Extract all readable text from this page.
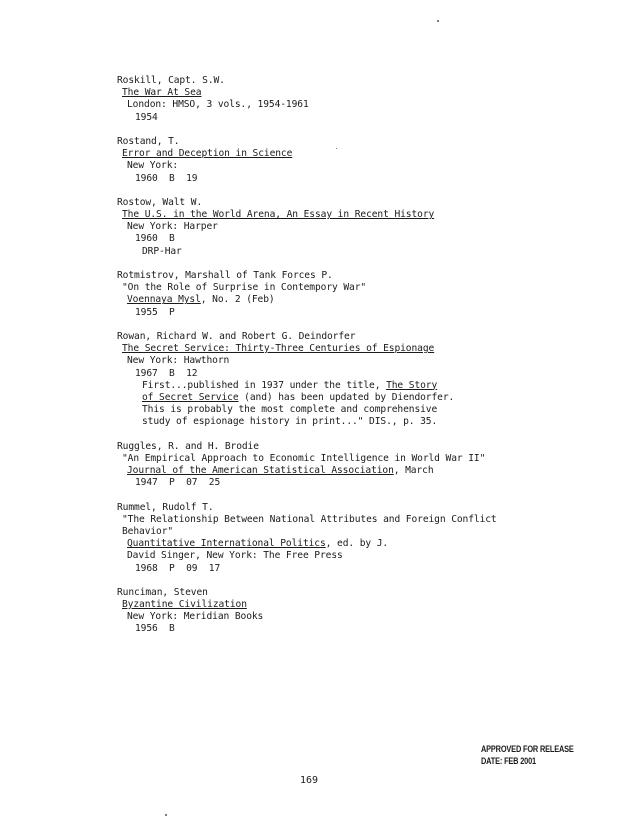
Roskill, Capt. S.W.
The War At Sea
London: HMSO, 3 vols., 1954-1961
1954
Rostand, T.
Error and Deception in Science
New York:
1960  B  19
Rostow, Walt W.
The U.S. in the World Arena, An Essay in Recent History
New York: Harper
1960  B
DRP-Har
Rotmistrov, Marshall of Tank Forces P.
"On the Role of Surprise in Contempory War"
Voennaya Mysl, No. 2 (Feb)
1955  P
Rowan, Richard W. and Robert G. Deindorfer
The Secret Service: Thirty-Three Centuries of Espionage
New York: Hawthorn
1967  B  12
First...published in 1937 under the title, The Story
of Secret Service (and) has been updated by Diendorfer.
This is probably the most complete and comprehensive
study of espionage history in print..." DIS., p. 35.
Ruggles, R. and H. Brodie
"An Empirical Approach to Economic Intelligence in World War II"
Journal of the American Statistical Association, March
1947  P  07  25
Rummel, Rudolf T.
"The Relationship Between National Attributes and Foreign Conflict
Behavior"
Quantitative International Politics, ed. by J.
David Singer, New York: The Free Press
1968  P  09  17
Runciman, Steven
Byzantine Civilization
New York: Meridian Books
1956  B
APPROVED FOR RELEASE
DATE: FEB 2001
169
